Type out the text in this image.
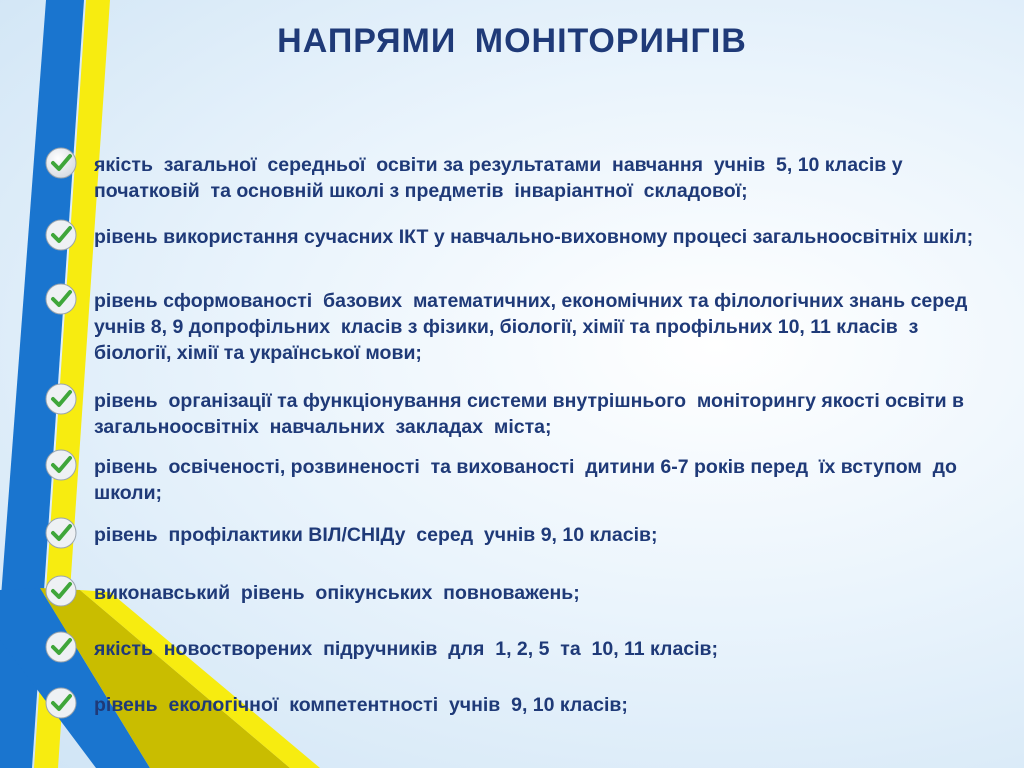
НАПРЯМИ МОНІТОРИНГІВ
якість  загальної  середньої  освіти за результатами  навчання  учнів  5, 10 класів у початковій  та основній школі з предметів  інваріантної  складової;
рівень використання сучасних ІКТ у навчально-виховному процесі загальноосвітніх шкіл;
рівень сформованості  базових  математичних, економічних та філологічних знань серед учнів 8, 9 допрофільних  класів з фізики, біології, хімії та профільних 10, 11 класів  з біології, хімії та української мови;
рівень  організації та функціонування системи внутрішнього  моніторингу якості освіти в загальноосвітніх  навчальних  закладах  міста;
рівень  освіченості, розвиненості  та вихованості  дитини 6-7 років перед  їх вступом  до  школи;
рівень  профілактики ВІЛ/СНІДу  серед  учнів 9, 10 класів;
виконавський  рівень  опікунських  повноважень;
якість  новостворених  підручників  для  1, 2, 5  та  10, 11 класів;
рівень  екологічної  компетентності  учнів  9, 10 класів;
